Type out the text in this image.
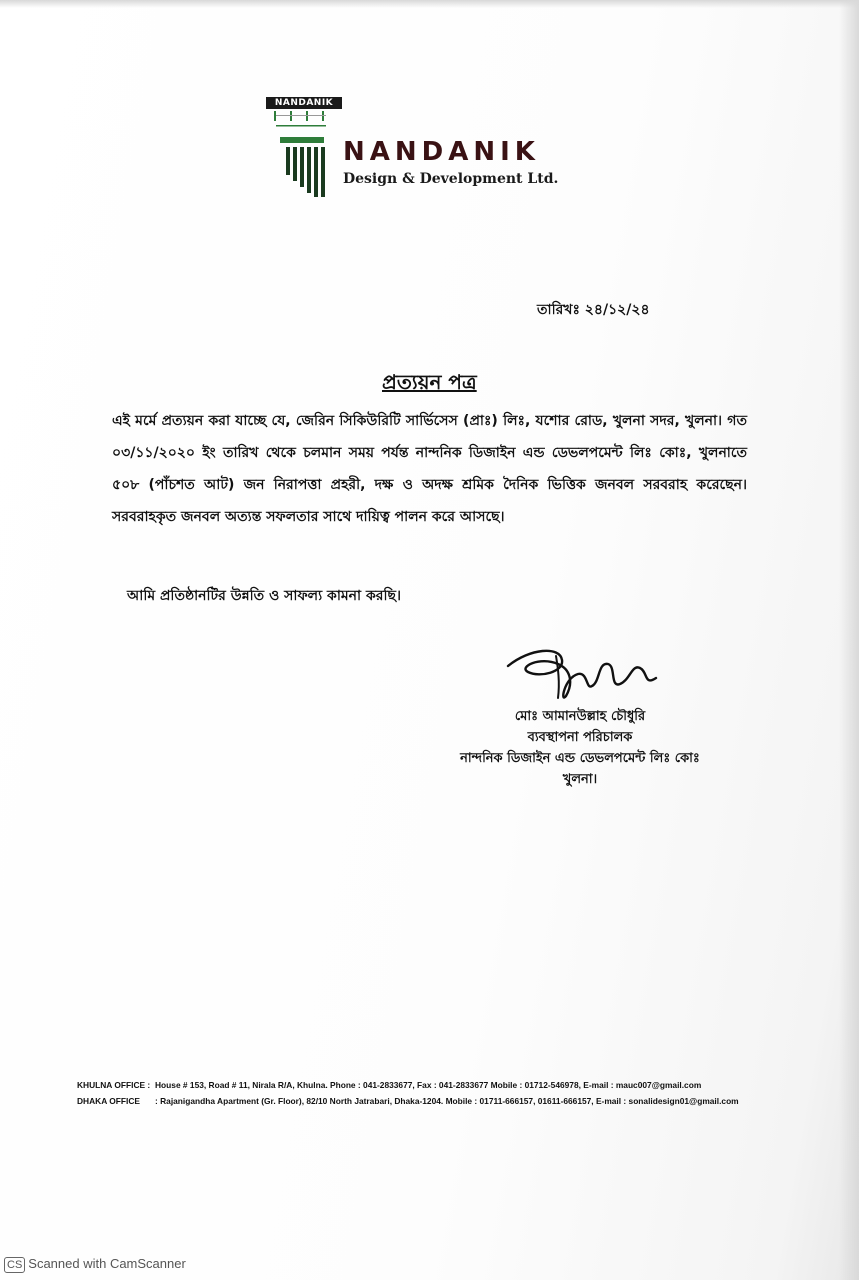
NANDANIK
NANDANIK
Design & Development Ltd.
তারিখঃ ২৪/১২/২৪
প্রত্যয়ন পত্র
এই মর্মে প্রত্যয়ন করা যাচ্ছে যে, জেরিন সিকিউরিটি সার্ভিসেস (প্রাঃ) লিঃ, যশোর রোড, খুলনা সদর, খুলনা। গত ০৩/১১/২০২০ ইং তারিখ থেকে চলমান সময় পর্যন্ত নান্দনিক ডিজাইন এন্ড ডেভলপমেন্ট লিঃ কোঃ, খুলনাতে ৫০৮ (পাঁচশত আট) জন নিরাপত্তা প্রহরী, দক্ষ ও অদক্ষ শ্রমিক দৈনিক ভিত্তিক জনবল সরবরাহ করেছেন। সরবরাহকৃত জনবল অত্যন্ত সফলতার সাথে দায়িত্ব পালন করে আসছে।
আমি প্রতিষ্ঠানটির উন্নতি ও সাফল্য কামনা করছি।
মোঃ আমানউল্লাহ চৌধুরি
ব্যবস্থাপনা পরিচালক
নান্দনিক ডিজাইন এন্ড ডেভলপমেন্ট লিঃ কোঃ
খুলনা।
KHULNA OFFICE : House # 153, Road # 11, Nirala R/A, Khulna. Phone : 041-2833677, Fax : 041-2833677 Mobile : 01712-546978, E-mail : mauc007@gmail.com
DHAKA OFFICE : Rajanigandha Apartment (Gr. Floor), 82/10 North Jatrabari, Dhaka-1204. Mobile : 01711-666157, 01611-666157, E-mail : sonalidesign01@gmail.com
CS Scanned with CamScanner
